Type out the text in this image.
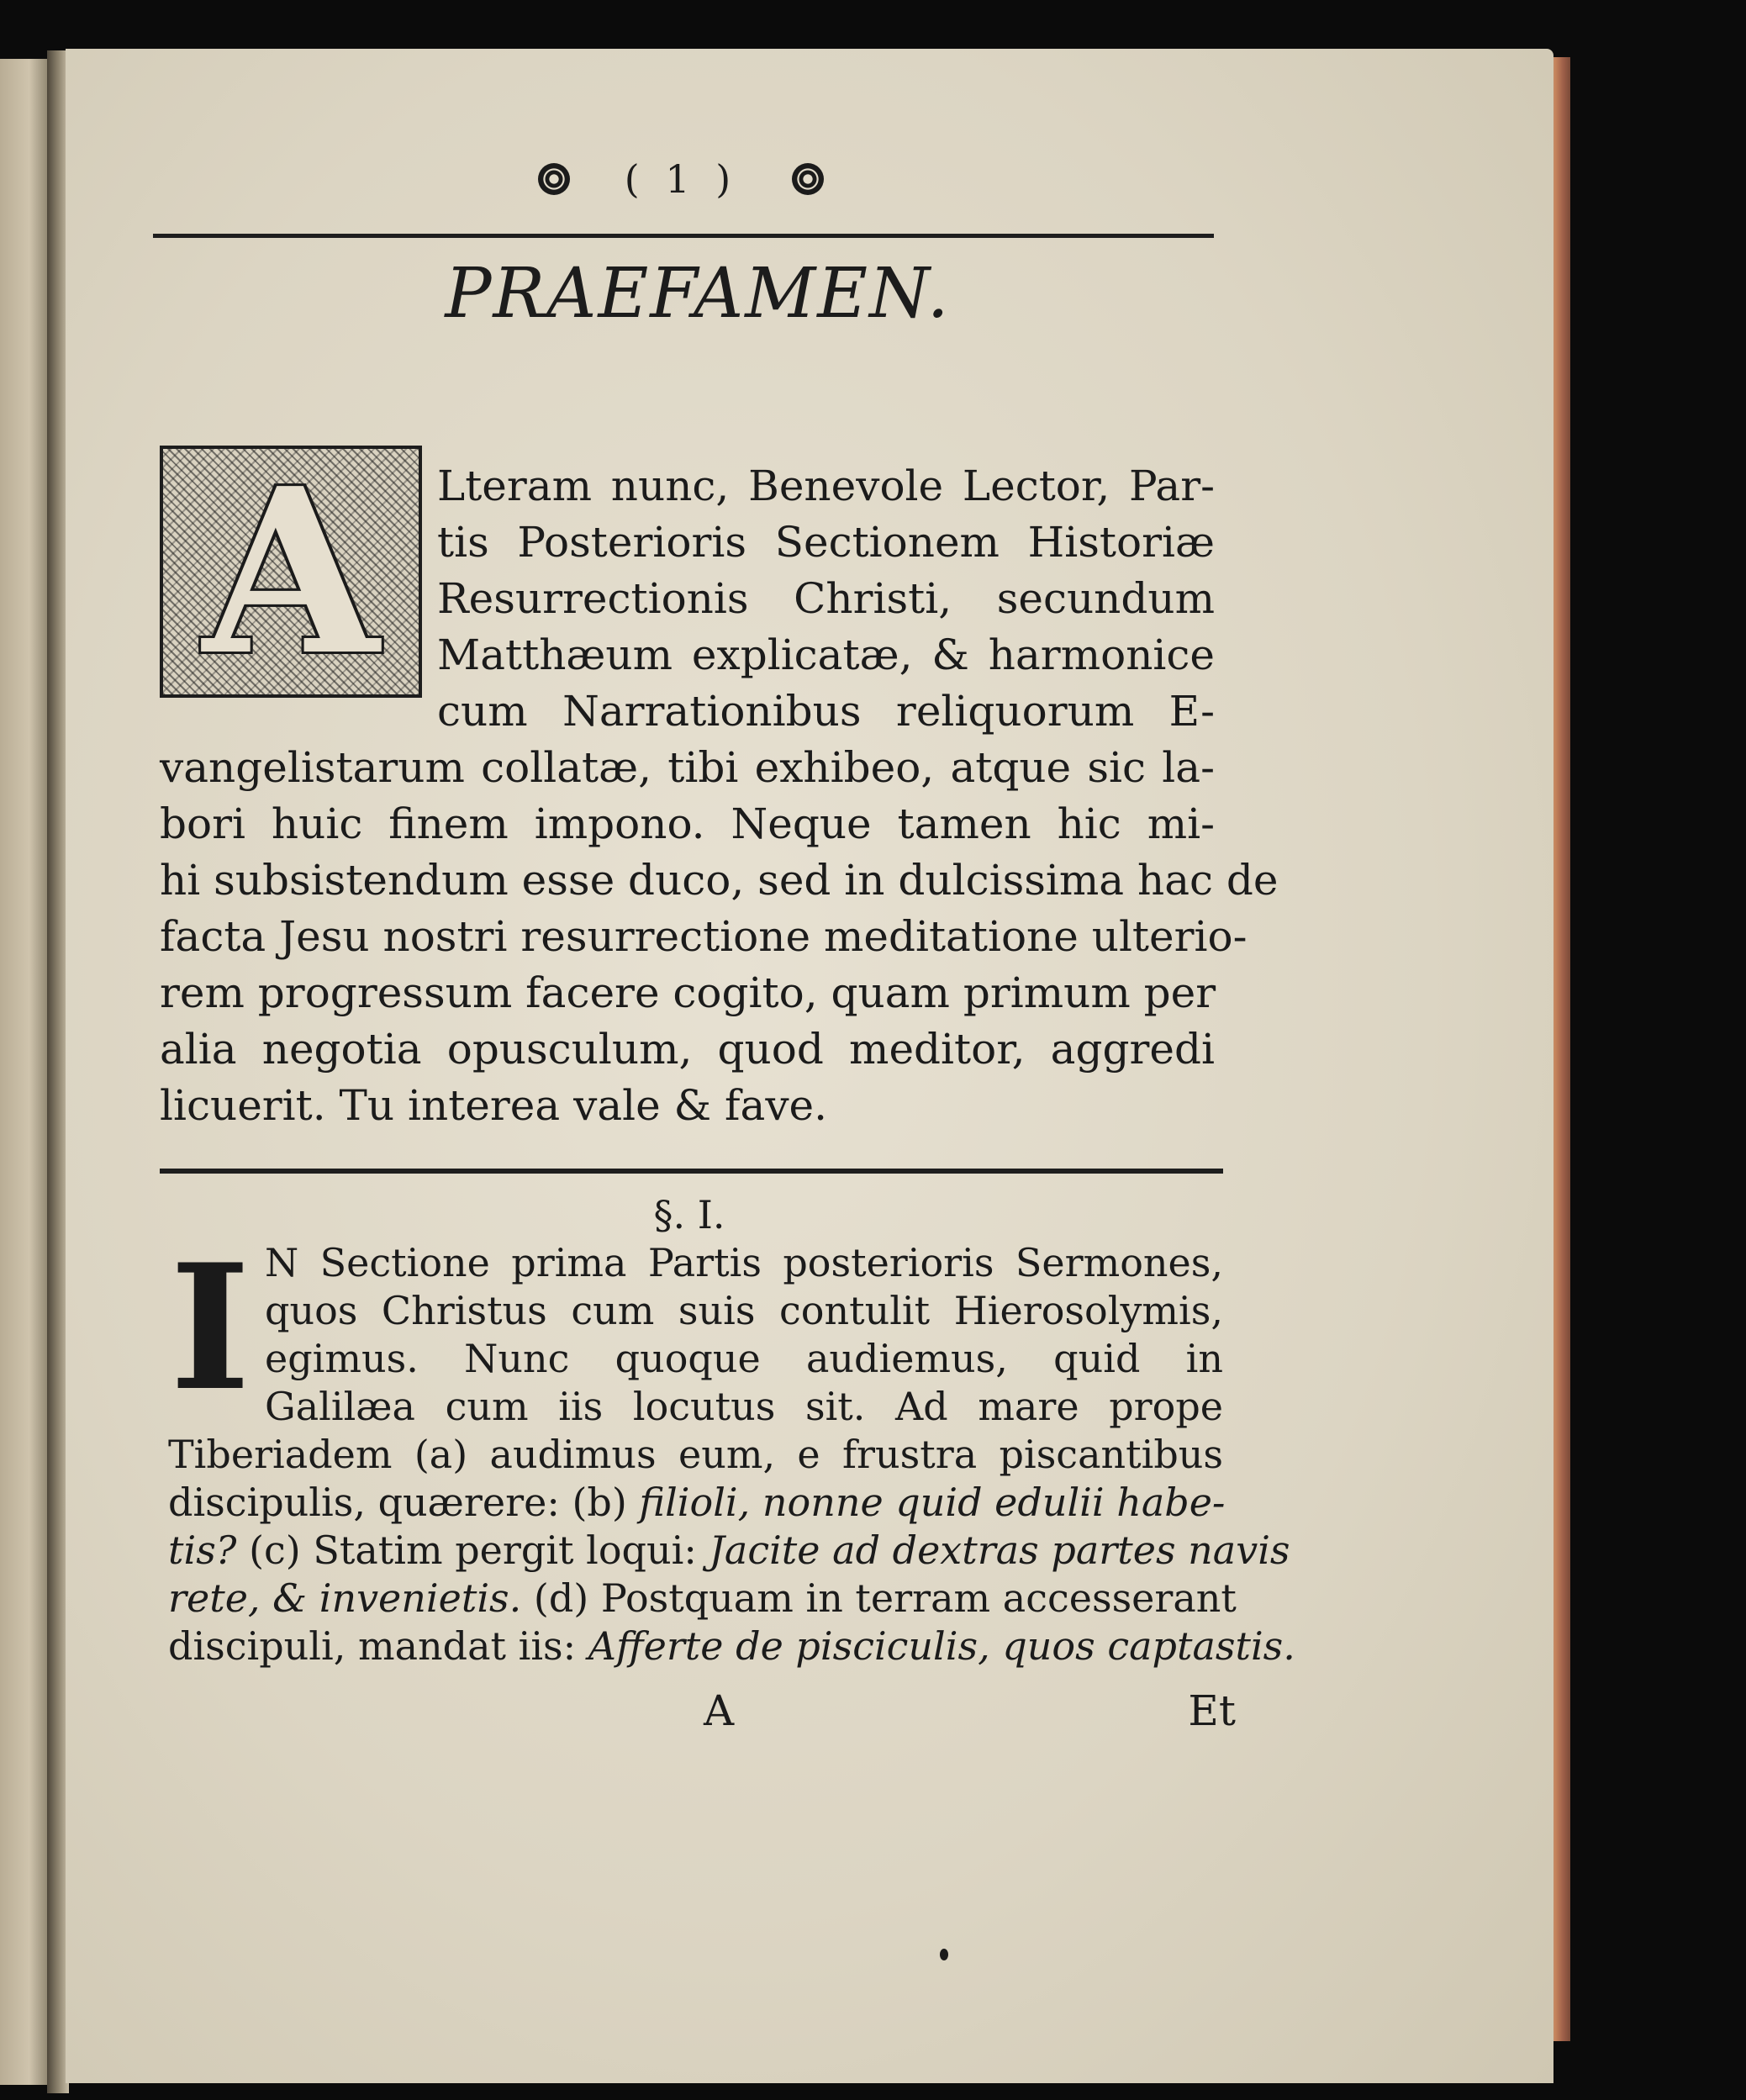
( 1 )
PRAEFAMEN.
A Lteram nunc, Benevole Lector, Par-
tis Posterioris Sectionem Historiæ
Resurrectionis Christi, secundum
Matthæum explicatæ, & harmonice
cum Narrationibus reliquorum E-
vangelistarum collatæ, tibi exhibeo, atque sic la-
bori huic finem impono. Neque tamen hic mi-
hi subsistendum esse duco, sed in dulcissima hac de
facta Jesu nostri resurrectione meditatione ulterio-
rem progressum facere cogito, quam primum per
alia negotia opusculum, quod meditor, aggredi
licuerit. Tu interea vale & fave.
§. I.
I N Sectione prima Partis posterioris Sermones,
quos Christus cum suis contulit Hierosolymis,
egimus. Nunc quoque audiemus, quid in
Galilæa cum iis locutus sit. Ad mare prope
Tiberiadem (a) audimus eum, e frustra piscantibus
discipulis, quærere: (b) filioli, nonne quid edulii habe-
tis? (c) Statim pergit loqui: Jacite ad dextras partes navis
rete, & invenietis. (d) Postquam in terram accesserant
discipuli, mandat iis: Afferte de pisciculis, quos captastis.
A	Et
